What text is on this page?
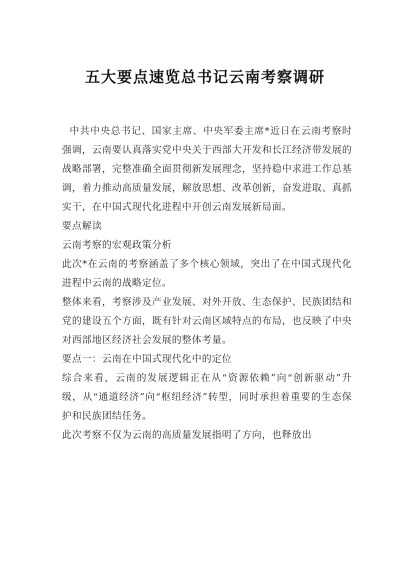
五大要点速览总书记云南考察调研

中共中央总书记、国家主席、中央军委主席*近日在云南考察时强调，云南要认真落实党中央关于西部大开发和长江经济带发展的战略部署，完整准确全面贯彻新发展理念，坚持稳中求进工作总基调，着力推动高质量发展，解放思想、改革创新，奋发进取、真抓实干，在中国式现代化进程中开创云南发展新局面。

要点解读

云南考察的宏观政策分析

此次*在云南的考察涵盖了多个核心领域，突出了在中国式现代化进程中云南的战略定位。

整体来看，考察涉及产业发展、对外开放、生态保护、民族团结和党的建设五个方面，既有针对云南区域特点的布局，也反映了中央对西部地区经济社会发展的整体考量。

要点一：云南在中国式现代化中的定位

综合来看，云南的发展逻辑正在从“资源依赖”向“创新驱动”升级，从“通道经济”向“枢纽经济”转型，同时承担着重要的生态保护和民族团结任务。

此次考察不仅为云南的高质量发展指明了方向，也释放出
